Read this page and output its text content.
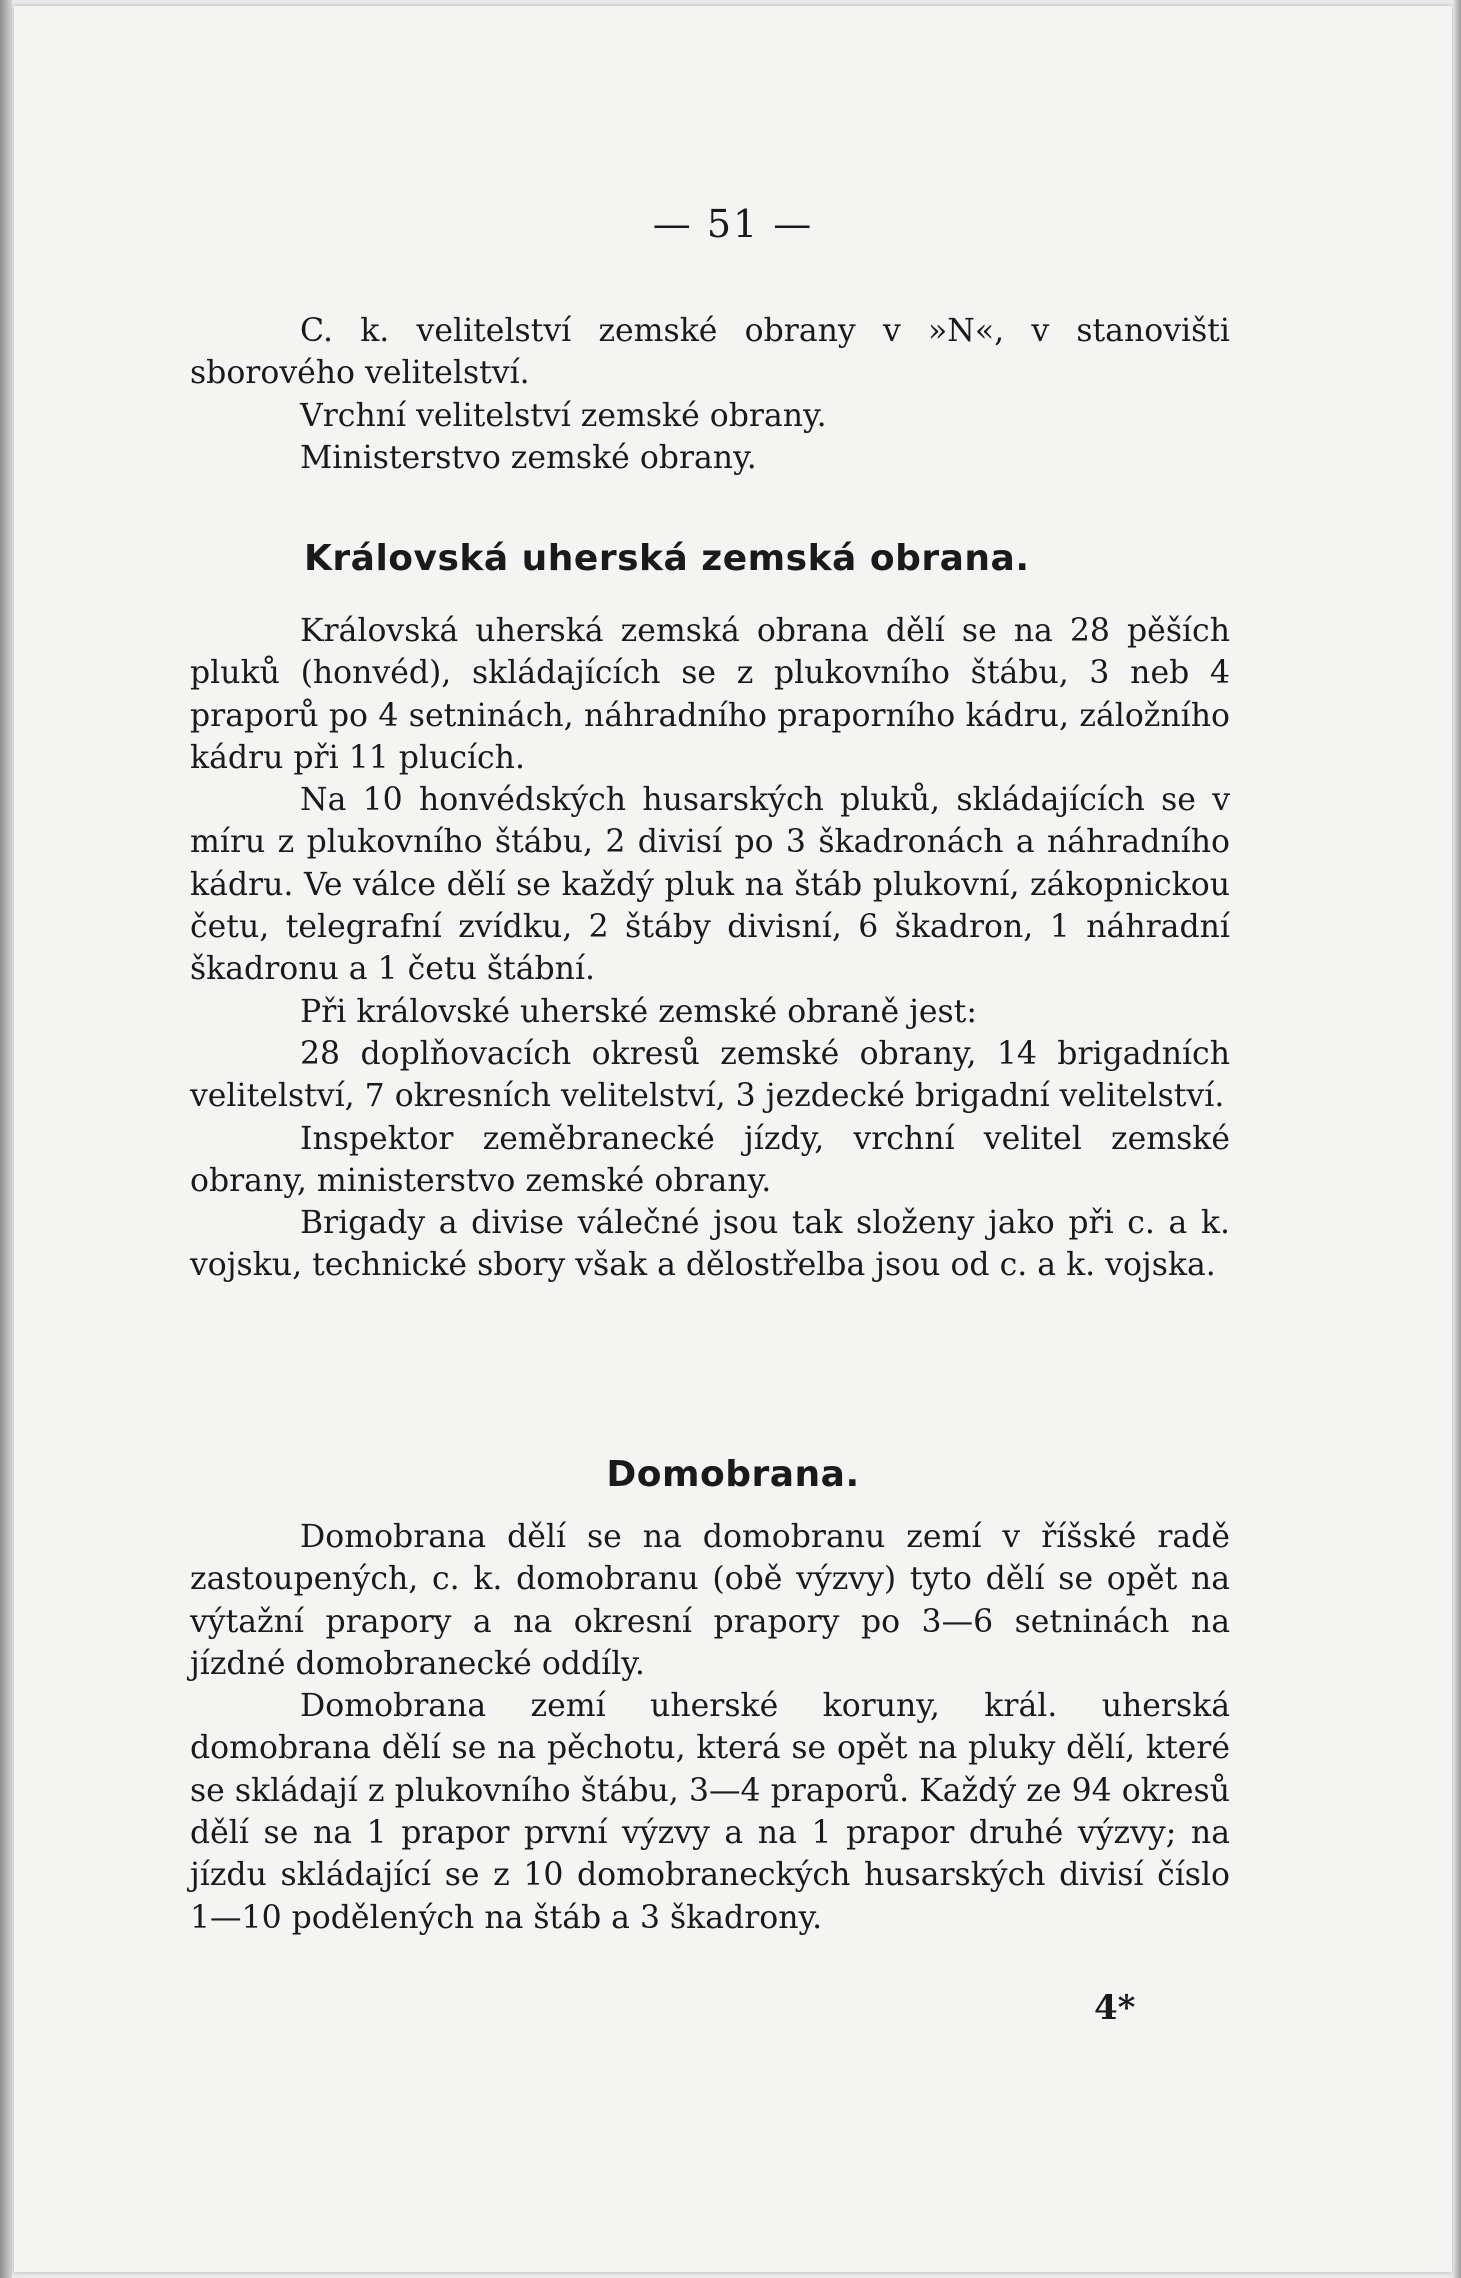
— 51 —

C. k. velitelství zemské obrany v »N«, v stanovišti sborového velitelství.

Vrchní velitelství zemské obrany.

Ministerstvo zemské obrany.

Královská uherská zemská obrana.

Královská uherská zemská obrana dělí se na 28 pěších pluků (honvéd), skládajících se z plukovního štábu, 3 neb 4 praporů po 4 setninách, náhradního praporního kádru, záložního kádru při 11 plucích.

Na 10 honvédských husarských pluků, skládajících se v míru z plukovního štábu, 2 divisí po 3 škadronách a náhradního kádru. Ve válce dělí se každý pluk na štáb plukovní, zákopnickou četu, telegrafní zvídku, 2 štáby divisní, 6 škadron, 1 náhradní škadronu a 1 četu štábní.

Při královské uherské zemské obraně jest:

28 doplňovacích okresů zemské obrany, 14 brigadních velitelství, 7 okresních velitelství, 3 jezdecké brigadní velitelství.

Inspektor zeměbranecké jízdy, vrchní velitel zemské obrany, ministerstvo zemské obrany.

Brigady a divise válečné jsou tak složeny jako při c. a k. vojsku, technické sbory však a dělostřelba jsou od c. a k. vojska.

Domobrana.

Domobrana dělí se na domobranu zemí v říšské radě zastoupených, c. k. domobranu (obě výzvy) tyto dělí se opět na výtažní prapory a na okresní prapory po 3—6 setninách na jízdné domobranecké oddíly.

Domobrana zemí uherské koruny, král. uherská domobrana dělí se na pěchotu, která se opět na pluky dělí, které se skládají z plukovního štábu, 3—4 praporů. Každý ze 94 okresů dělí se na 1 prapor první výzvy a na 1 prapor druhé výzvy; na jízdu skládající se z 10 domobraneckých husarských divisí číslo 1—10 podělených na štáb a 3 škadrony.

4*
